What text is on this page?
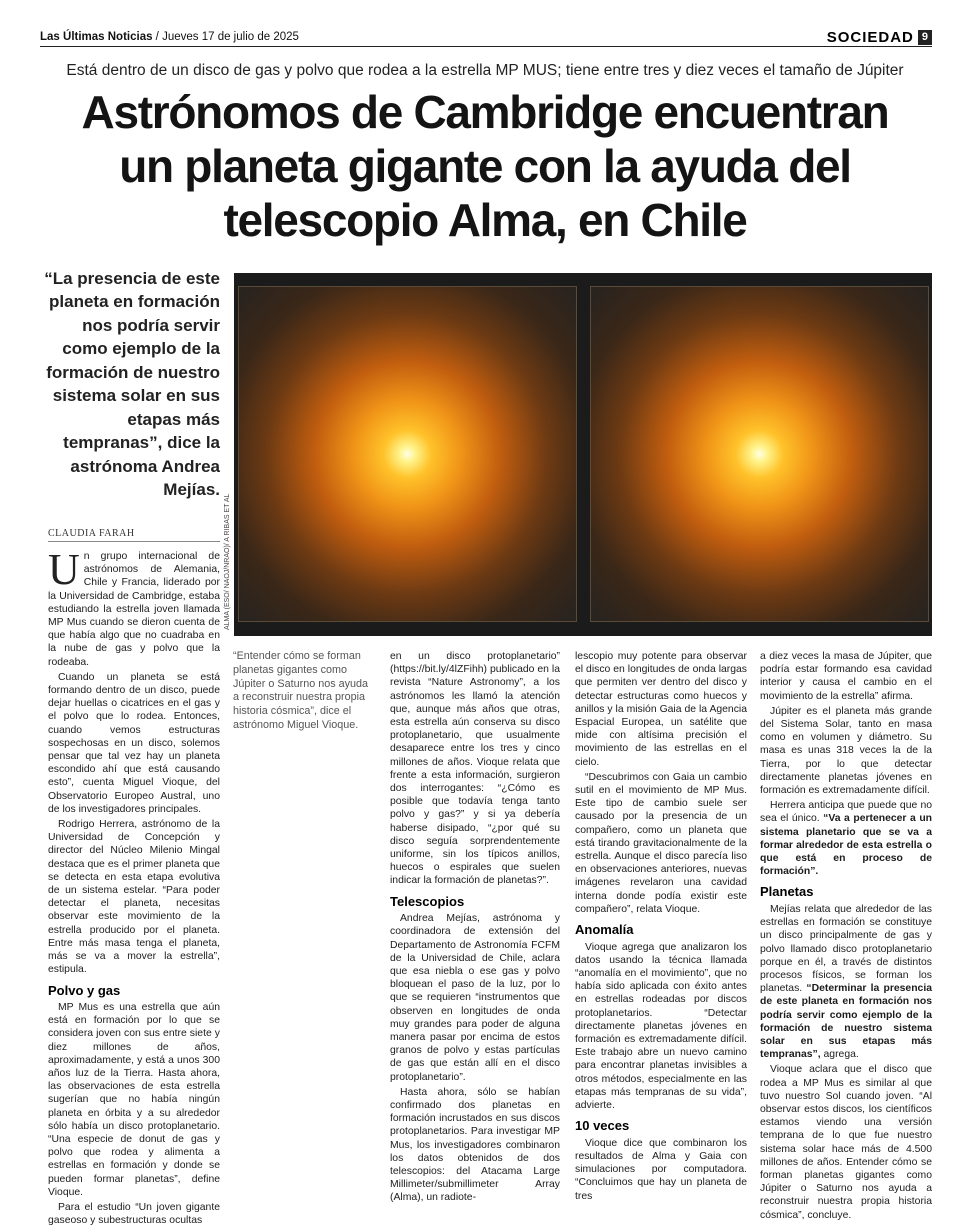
Las Últimas Noticias / Jueves 17 de julio de 2025	SOCIEDAD 9
Está dentro de un disco de gas y polvo que rodea a la estrella MP MUS; tiene entre tres y diez veces el tamaño de Júpiter
Astrónomos de Cambridge encuentran
un planeta gigante con la ayuda del
telescopio Alma, en Chile
“La presencia de este planeta en formación nos podría servir como ejemplo de la formación de nuestro sistema solar en sus etapas más tempranas”, dice la astrónoma Andrea Mejías.
CLAUDIA FARAH	ALMA (ESO/ NAOJ/NRAO)/ A RIBAS ET AL
“Entender cómo se forman planetas gigantes como Júpiter o Saturno nos ayuda a reconstruir nuestra propia historia cósmica”, dice el astrónomo Miguel Vioque.

Un grupo internacional de astrónomos de Alemania, Chile y Francia, liderado por la Universidad de Cambridge, estaba estudiando la estrella joven llamada MP Mus cuando se dieron cuenta de que había algo que no cuadraba en la nube de gas y polvo que la rodeaba.

Cuando un planeta se está formando dentro de un disco, puede dejar huellas o cicatrices en el gas y el polvo que lo rodea. Entonces, cuando vemos estructuras sospechosas en un disco, solemos pensar que tal vez hay un planeta escondido ahí que está causando esto”, cuenta Miguel Vioque, del Observatorio Europeo Austral, uno de los investigadores principales.

Rodrigo Herrera, astrónomo de la Universidad de Concepción y director del Núcleo Milenio Mingal destaca que es el primer planeta que se detecta en esta etapa evolutiva de un sistema estelar. “Para poder detectar el planeta, necesitas observar este movimiento de la estrella producido por el planeta. Entre más masa tenga el planeta, más se va a mover la estrella”, estipula.

Polvo y gas

MP Mus es una estrella que aún está en formación por lo que se considera joven con sus entre siete y diez millones de años, aproximadamente, y está a unos 300 años luz de la Tierra. Hasta ahora, las observaciones de esta estrella sugerían que no había ningún planeta en órbita y a su alrededor sólo había un disco protoplanetario. “Una especie de donut de gas y polvo que rodea y alimenta a estrellas en formación y donde se pueden formar planetas”, define Vioque.

Para el estudio “Un joven gigante gaseoso y subestructuras ocultas

en un disco protoplanetario” (https://bit.ly/4lZFihh) publicado en la revista “Nature Astronomy”, a los astrónomos les llamó la atención que, aunque más años que otras, esta estrella aún conserva su disco protoplanetario, que usualmente desaparece entre los tres y cinco millones de años. Vioque relata que frente a esta información, surgieron dos interrogantes: “¿Cómo es posible que todavía tenga tanto polvo y gas?” y si ya debería haberse disipado, “¿por qué su disco seguía sorprendentemente uniforme, sin los típicos anillos, huecos o espirales que suelen indicar la formación de planetas?”.

Telescopios

Andrea Mejías, astrónoma y coordinadora de extensión del Departamento de Astronomía FCFM de la Universidad de Chile, aclara que esa niebla o ese gas y polvo bloquean el paso de la luz, por lo que se requieren “instrumentos que observen en longitudes de onda muy grandes para poder de alguna manera pasar por encima de estos granos de polvo y estas partículas de gas que están allí en el disco protoplanetario”.

Hasta ahora, sólo se habían confirmado dos planetas en formación incrustados en sus discos protoplanetarios. Para investigar MP Mus, los investigadores combinaron los datos obtenidos de dos telescopios: del Atacama Large Millimeter/submillimeter Array (Alma), un radiote-

lescopio muy potente para observar el disco en longitudes de onda largas que permiten ver dentro del disco y detectar estructuras como huecos y anillos y la misión Gaia de la Agencia Espacial Europea, un satélite que mide con altísima precisión el movimiento de las estrellas en el cielo.

“Descubrimos con Gaia un cambio sutil en el movimiento de MP Mus. Este tipo de cambio suele ser causado por la presencia de un compañero, como un planeta que está tirando gravitacionalmente de la estrella. Aunque el disco parecía liso en observaciones anteriores, nuevas imágenes revelaron una cavidad interna donde podía existir este compañero”, relata Vioque.

Anomalía

Vioque agrega que analizaron los datos usando la técnica llamada “anomalía en el movimiento”, que no había sido aplicada con éxito antes en estrellas rodeadas por discos protoplanetarios. “Detectar directamente planetas jóvenes en formación es extremadamente difícil. Este trabajo abre un nuevo camino para encontrar planetas invisibles a otros métodos, especialmente en las etapas más tempranas de su vida”, advierte.

10 veces

Vioque dice que combinaron los resultados de Alma y Gaia con simulaciones por computadora. “Concluimos que hay un planeta de tres

a diez veces la masa de Júpiter, que podría estar formando esa cavidad interior y causa el cambio en el movimiento de la estrella” afirma.

Júpiter es el planeta más grande del Sistema Solar, tanto en masa como en volumen y diámetro. Su masa es unas 318 veces la de la Tierra, por lo que detectar directamente planetas jóvenes en formación es extremadamente difícil.

Herrera anticipa que puede que no sea el único. “Va a pertenecer a un sistema planetario que se va a formar alrededor de esta estrella o que está en proceso de formación”.

Planetas

Mejías relata que alrededor de las estrellas en formación se constituye un disco principalmente de gas y polvo llamado disco protoplanetario porque en él, a través de distintos procesos físicos, se forman los planetas. “Determinar la presencia de este planeta en formación nos podría servir como ejemplo de la formación de nuestro sistema solar en sus etapas más tempranas”, agrega.

Vioque aclara que el disco que rodea a MP Mus es similar al que tuvo nuestro Sol cuando joven. “Al observar estos discos, los científicos estamos viendo una versión temprana de lo que fue nuestro sistema solar hace más de 4.500 millones de años. Entender cómo se forman planetas gigantes como Júpiter o Saturno nos ayuda a reconstruir nuestra propia historia cósmica”, concluye.
